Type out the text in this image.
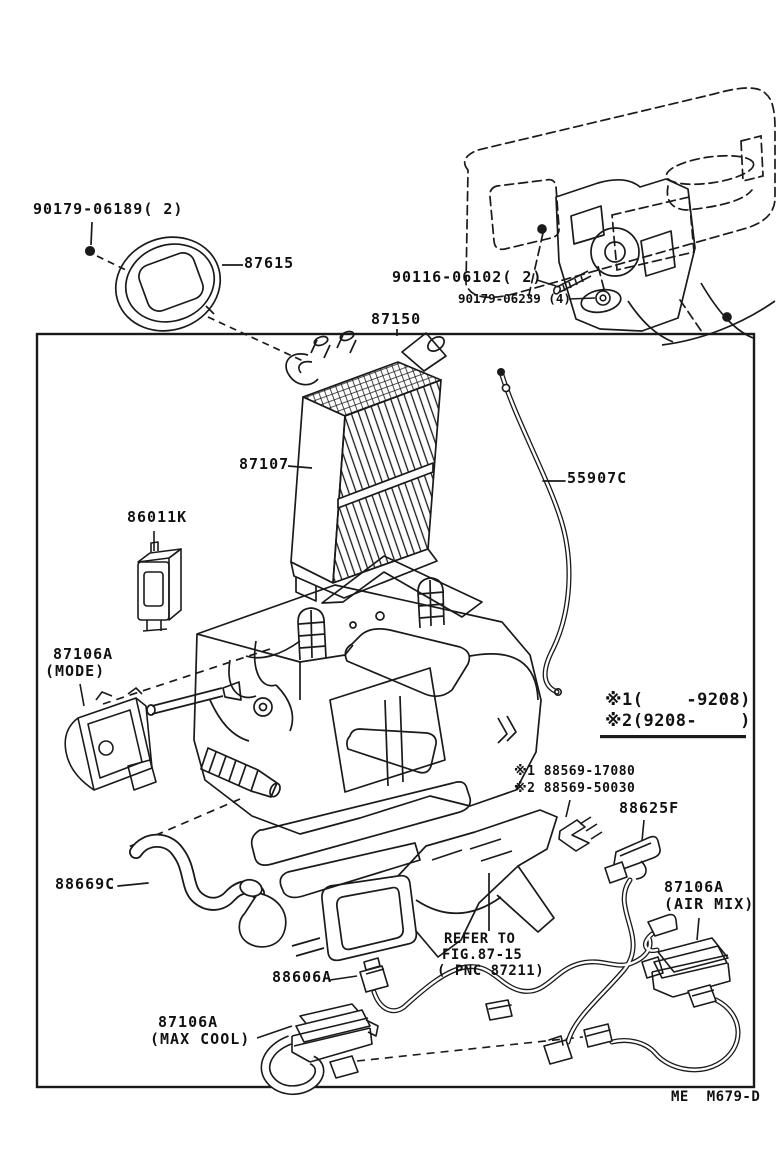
90179-06189( 2)
87615
90116-06102( 2)
90179-06239 (4)
87150
87107
55907C
86011K
87106A
(MODE)
※1(    -9208)
※2(9208-    )
※1 88569-17080
※2 88569-50030
88625F
88669C	87106A
(AIR MIX)
REFER TO
FIG.87-15
( PNC 87211)
88606A
87106A
(MAX COOL)
ME  M679-D
